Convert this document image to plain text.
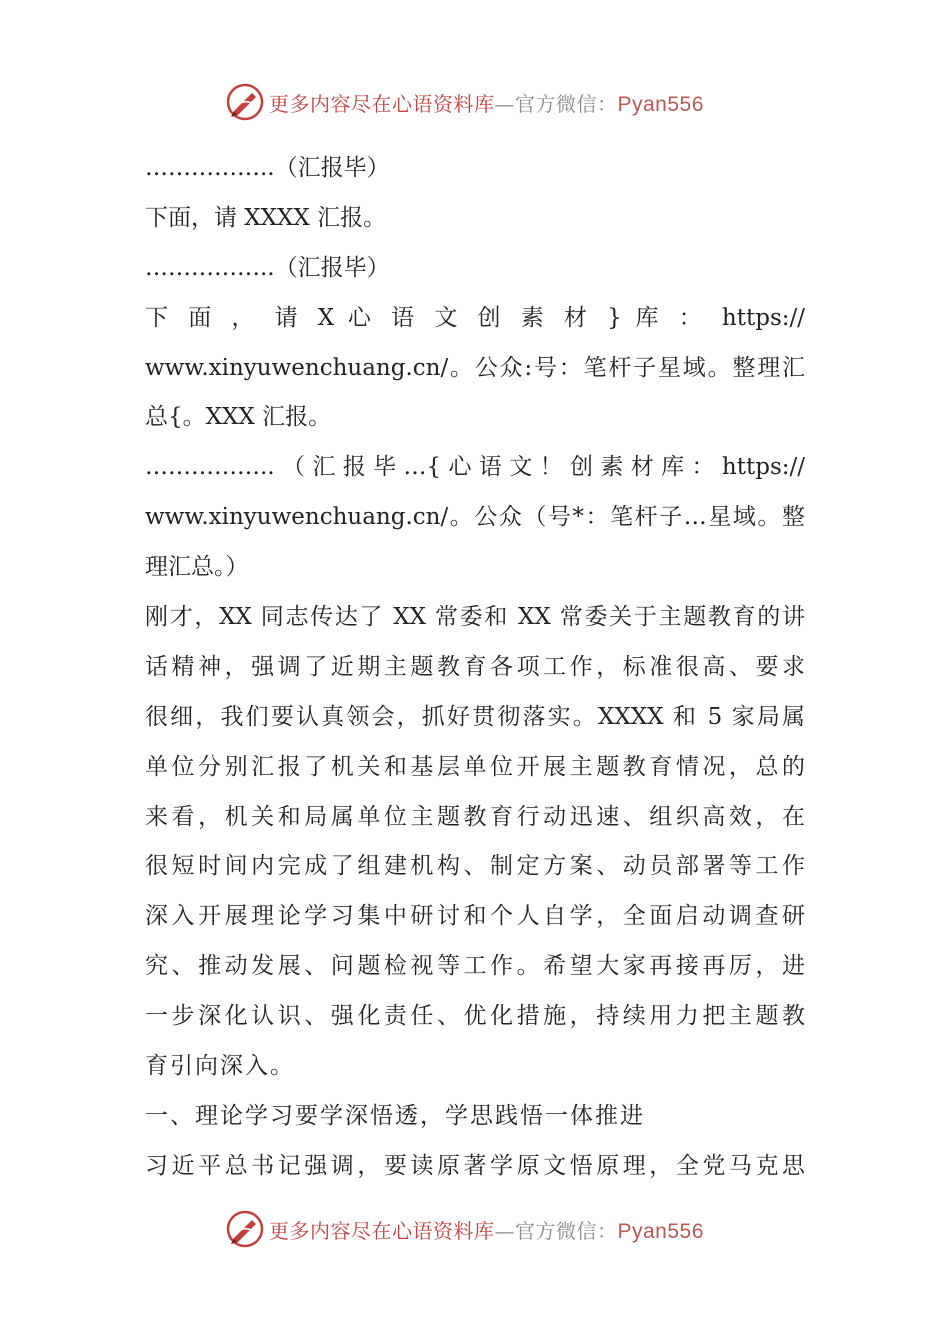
更多内容尽在心语资料库—官方微信：Pyan556
……………..（汇报毕）
下面，请 XXXX 汇报。
……………..（汇报毕）
下 面 ， 请 X 心 语 文 创 素 材 } 库 ： https://
www.xinyuwenchuang.cn/。公众:号：笔杆子星域。整理汇
总{。XXX 汇报。
……………..（汇报毕…{心语文！创素材库：https://
www.xinyuwenchuang.cn/。公众（号*：笔杆子…星域。整
理汇总。）
刚才，XX 同志传达了 XX 常委和 XX 常委关于主题教育的讲
话精神，强调了近期主题教育各项工作，标准很高、要求
很细，我们要认真领会，抓好贯彻落实。XXXX 和 5 家局属
单位分别汇报了机关和基层单位开展主题教育情况，总的
来看，机关和局属单位主题教育行动迅速、组织高效，在
很短时间内完成了组建机构、制定方案、动员部署等工作
深入开展理论学习集中研讨和个人自学，全面启动调查研
究、推动发展、问题检视等工作。希望大家再接再厉，进
一步深化认识、强化责任、优化措施，持续用力把主题教
育引向深入。
一、理论学习要学深悟透，学思践悟一体推进
习近平总书记强调，要读原著学原文悟原理，全党马克思
更多内容尽在心语资料库—官方微信：Pyan556
